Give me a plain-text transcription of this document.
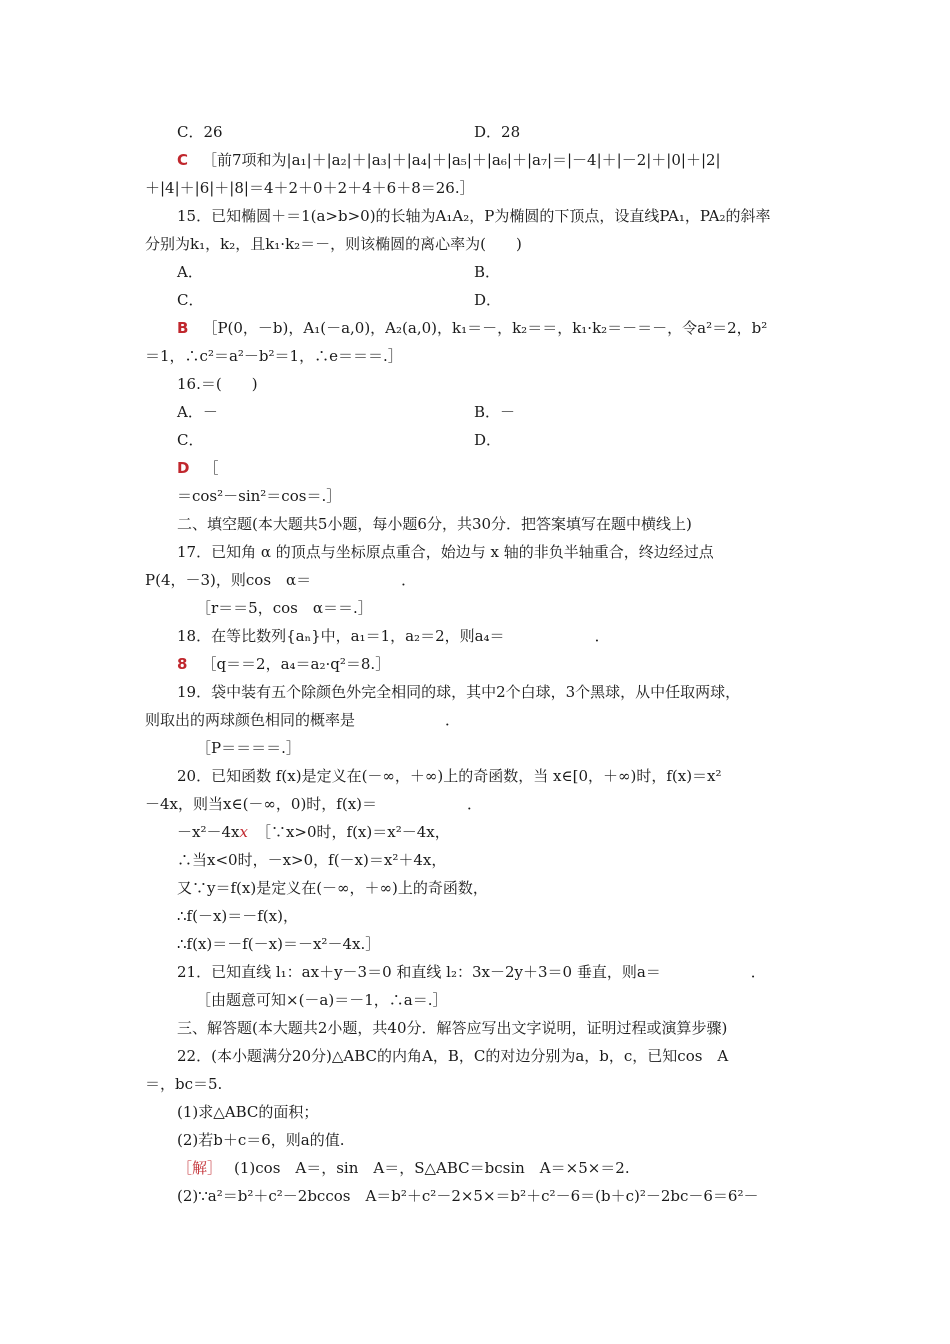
C．26	D．28
C ［前7项和为|a₁|＋|a₂|＋|a₃|＋|a₄|＋|a₅|＋|a₆|＋|a₇|＝|－4|＋|－2|＋|0|＋|2|
＋|4|＋|6|＋|8|＝4＋2＋0＋2＋4＋6＋8＝26.］
15．已知椭圆＋＝1(a>b>0)的长轴为A₁A₂，P为椭圆的下顶点，设直线PA₁，PA₂的斜率
分别为k₁，k₂，且k₁·k₂＝－，则该椭圆的离心率为(　　)
A．	B．
C．	D．
B ［P(0，－b)，A₁(－a,0)，A₂(a,0)，k₁＝－，k₂＝＝，k₁·k₂＝－＝－，令a²＝2，b²
＝1，∴c²＝a²－b²＝1，∴e＝＝＝.］
16.＝(　　)
A．－	B．－
C．	D．
D ［
＝cos²－sin²＝cos＝.］
二、填空题(本大题共5小题，每小题6分，共30分．把答案填写在题中横线上)
17．已知角 α 的顶点与坐标原点重合，始边与 x 轴的非负半轴重合，终边经过点
P(4，－3)，则cos　α＝　　　　　　．
［r＝＝5，cos　α＝＝.］
18．在等比数列{aₙ}中，a₁＝1，a₂＝2，则a₄＝　　　　　　．
8 ［q＝＝2，a₄＝a₂·q²＝8.］
19．袋中装有五个除颜色外完全相同的球，其中2个白球，3个黑球，从中任取两球，
则取出的两球颜色相同的概率是　　　　　　．
［P＝＝＝＝.］
20．已知函数 f(x)是定义在(－∞，＋∞)上的奇函数，当 x∈[0，＋∞)时，f(x)＝x²
－4x，则当x∈(－∞，0)时，f(x)＝　　　　　　．
－x²－4xx ［∵x>0时，f(x)＝x²－4x，
∴当x<0时，－x>0，f(－x)＝x²＋4x，
又∵y＝f(x)是定义在(－∞，＋∞)上的奇函数，
∴f(－x)＝－f(x)，
∴f(x)＝－f(－x)＝－x²－4x.］
21．已知直线 l₁：ax＋y－3＝0 和直线 l₂：3x－2y＋3＝0 垂直，则a＝　　　　　　．
［由题意可知×(－a)＝－1，∴a＝.］
三、解答题(本大题共2小题，共40分．解答应写出文字说明，证明过程或演算步骤)
22．(本小题满分20分)△ABC的内角A，B，C的对边分别为a，b，c，已知cos　A
＝，bc＝5.
(1)求△ABC的面积；
(2)若b＋c＝6，则a的值.
［解］ (1)cos　A＝，sin　A＝，S△ABC＝bcsin　A＝×5×＝2.
(2)∵a²＝b²＋c²－2bccos　A＝b²＋c²－2×5×＝b²＋c²－6＝(b＋c)²－2bc－6＝6²－
